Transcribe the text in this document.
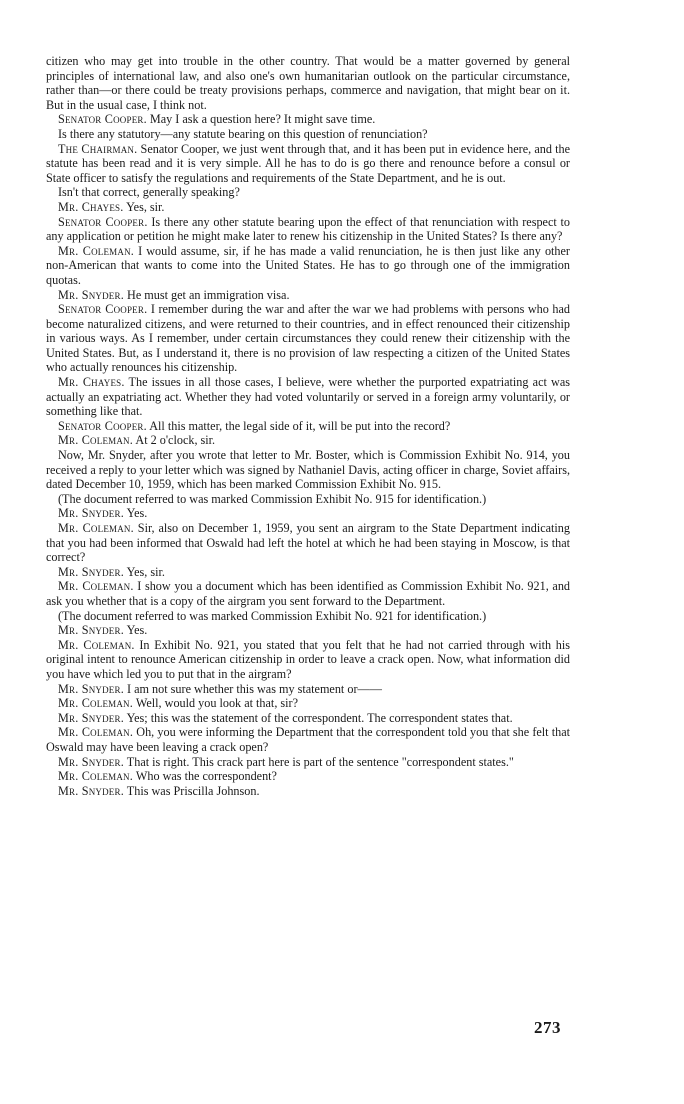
citizen who may get into trouble in the other country. That would be a matter governed by general principles of international law, and also one's own humanitarian outlook on the particular circumstance, rather than—or there could be treaty provisions perhaps, commerce and navigation, that might bear on it. But in the usual case, I think not.

Senator Cooper. May I ask a question here? It might save time.

Is there any statutory—any statute bearing on this question of renunciation?

The Chairman. Senator Cooper, we just went through that, and it has been put in evidence here, and the statute has been read and it is very simple. All he has to do is go there and renounce before a consul or State officer to satisfy the regulations and requirements of the State Department, and he is out.

Isn't that correct, generally speaking?

Mr. Chayes. Yes, sir.

Senator Cooper. Is there any other statute bearing upon the effect of that renunciation with respect to any application or petition he might make later to renew his citizenship in the United States? Is there any?

Mr. Coleman. I would assume, sir, if he has made a valid renunciation, he is then just like any other non-American that wants to come into the United States. He has to go through one of the immigration quotas.

Mr. Snyder. He must get an immigration visa.

Senator Cooper. I remember during the war and after the war we had problems with persons who had become naturalized citizens, and were returned to their countries, and in effect renounced their citizenship in various ways. As I remember, under certain circumstances they could renew their citizenship with the United States. But, as I understand it, there is no provision of law respecting a citizen of the United States who actually renounces his citizenship.

Mr. Chayes. The issues in all those cases, I believe, were whether the purported expatriating act was actually an expatriating act. Whether they had voted voluntarily or served in a foreign army voluntarily, or something like that.

Senator Cooper. All this matter, the legal side of it, will be put into the record?

Mr. Coleman. At 2 o'clock, sir.

Now, Mr. Snyder, after you wrote that letter to Mr. Boster, which is Commission Exhibit No. 914, you received a reply to your letter which was signed by Nathaniel Davis, acting officer in charge, Soviet affairs, dated December 10, 1959, which has been marked Commission Exhibit No. 915.

(The document referred to was marked Commission Exhibit No. 915 for identification.)

Mr. Snyder. Yes.

Mr. Coleman. Sir, also on December 1, 1959, you sent an airgram to the State Department indicating that you had been informed that Oswald had left the hotel at which he had been staying in Moscow, is that correct?

Mr. Snyder. Yes, sir.

Mr. Coleman. I show you a document which has been identified as Commission Exhibit No. 921, and ask you whether that is a copy of the airgram you sent forward to the Department.

(The document referred to was marked Commission Exhibit No. 921 for identification.)

Mr. Snyder. Yes.

Mr. Coleman. In Exhibit No. 921, you stated that you felt that he had not carried through with his original intent to renounce American citizenship in order to leave a crack open. Now, what information did you have which led you to put that in the airgram?

Mr. Snyder. I am not sure whether this was my statement or——

Mr. Coleman. Well, would you look at that, sir?

Mr. Snyder. Yes; this was the statement of the correspondent. The correspondent states that.

Mr. Coleman. Oh, you were informing the Department that the correspondent told you that she felt that Oswald may have been leaving a crack open?

Mr. Snyder. That is right. This crack part here is part of the sentence "correspondent states."

Mr. Coleman. Who was the correspondent?

Mr. Snyder. This was Priscilla Johnson.

273
